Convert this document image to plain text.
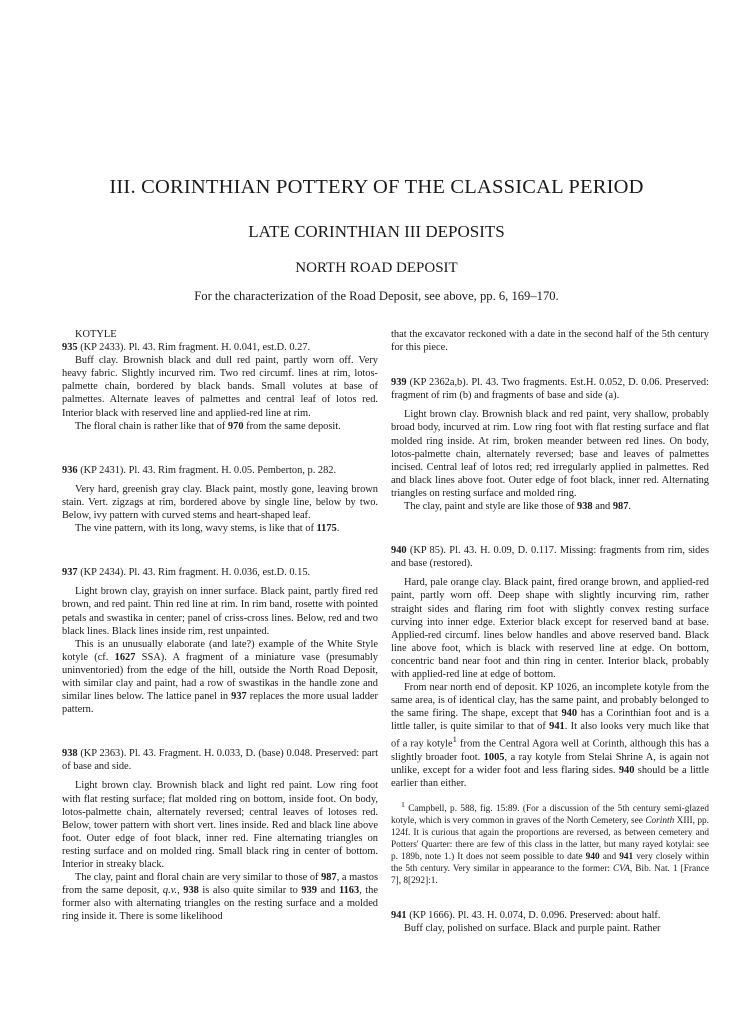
III. CORINTHIAN POTTERY OF THE CLASSICAL PERIOD
LATE CORINTHIAN III DEPOSITS
NORTH ROAD DEPOSIT
For the characterization of the Road Deposit, see above, pp. 6, 169–170.

KOTYLE

935 (KP 2433). Pl. 43. Rim fragment. H. 0.041, est.D. 0.27.

Buff clay. Brownish black and dull red paint, partly worn off. Very heavy fabric. Slightly incurved rim. Two red circumf. lines at rim, lotos-palmette chain, bordered by black bands. Small volutes at base of palmettes. Alternate leaves of palmettes and central leaf of lotos red. Interior black with reserved line and applied-red line at rim.

The floral chain is rather like that of 970 from the same deposit.

936 (KP 2431). Pl. 43. Rim fragment. H. 0.05. Pemberton, p. 282.

Very hard, greenish gray clay. Black paint, mostly gone, leaving brown stain. Vert. zigzags at rim, bordered above by single line, below by two. Below, ivy pattern with curved stems and heart-shaped leaf.

The vine pattern, with its long, wavy stems, is like that of 1175.

937 (KP 2434). Pl. 43. Rim fragment. H. 0.036, est.D. 0.15.

Light brown clay, grayish on inner surface. Black paint, partly fired red brown, and red paint. Thin red line at rim. In rim band, rosette with pointed petals and swastika in center; panel of criss-cross lines. Below, red and two black lines. Black lines inside rim, rest unpainted.

This is an unusually elaborate (and late?) example of the White Style kotyle (cf. 1627 SSA). A fragment of a miniature vase (presumably uninventoried) from the edge of the hill, outside the North Road Deposit, with similar clay and paint, had a row of swastikas in the handle zone and similar lines below. The lattice panel in 937 replaces the more usual ladder pattern.

938 (KP 2363). Pl. 43. Fragment. H. 0.033, D. (base) 0.048. Preserved: part of base and side.

Light brown clay. Brownish black and light red paint. Low ring foot with flat resting surface; flat molded ring on bottom, inside foot. On body, lotos-palmette chain, alternately reversed; central leaves of lotoses red. Below, tower pattern with short vert. lines inside. Red and black line above foot. Outer edge of foot black, inner red. Fine alternating triangles on resting surface and on molded ring. Small black ring in center of bottom. Interior in streaky black.

The clay, paint and floral chain are very similar to those of 987, a mastos from the same deposit, q.v., 938 is also quite similar to 939 and 1163, the former also with alternating triangles on the resting surface and a molded ring inside it. There is some likelihood

that the excavator reckoned with a date in the second half of the 5th century for this piece.

939 (KP 2362a,b). Pl. 43. Two fragments. Est.H. 0.052, D. 0.06. Preserved: fragment of rim (b) and fragments of base and side (a).

Light brown clay. Brownish black and red paint, very shallow, probably broad body, incurved at rim. Low ring foot with flat resting surface and flat molded ring inside. At rim, broken meander between red lines. On body, lotos-palmette chain, alternately reversed; base and leaves of palmettes incised. Central leaf of lotos red; red irregularly applied in palmettes. Red and black lines above foot. Outer edge of foot black, inner red. Alternating triangles on resting surface and molded ring.

The clay, paint and style are like those of 938 and 987.

940 (KP 85). Pl. 43. H. 0.09, D. 0.117. Missing: fragments from rim, sides and base (restored).

Hard, pale orange clay. Black paint, fired orange brown, and applied-red paint, partly worn off. Deep shape with slightly incurving rim, rather straight sides and flaring rim foot with slightly convex resting surface curving into inner edge. Exterior black except for reserved band at base. Applied-red circumf. lines below handles and above reserved band. Black line above foot, which is black with reserved line at edge. On bottom, concentric band near foot and thin ring in center. Interior black, probably with applied-red line at edge of bottom.

From near north end of deposit. KP 1026, an incomplete kotyle from the same area, is of identical clay, has the same paint, and probably belonged to the same firing. The shape, except that 940 has a Corinthian foot and is a little taller, is quite similar to that of 941. It also looks very much like that of a ray kotyle$^1$ from the Central Agora well at Corinth, although this has a slightly broader foot. 1005, a ray kotyle from Stelai Shrine A, is again not unlike, except for a wider foot and less flaring sides. 940 should be a little earlier than either.

$^1$ Campbell, p. 588, fig. 15:89. (For a discussion of the 5th century semi-glazed kotyle, which is very common in graves of the North Cemetery, see Corinth XIII, pp. 124f. It is curious that again the proportions are reversed, as between cemetery and Potters' Quarter: there are few of this class in the latter, but many rayed kotylai: see p. 189b, note 1.) It does not seem possible to date 940 and 941 very closely within the 5th century. Very similar in appearance to the former: CVA, Bib. Nat. 1 [France 7], 8[292]:1.

941 (KP 1666). Pl. 43. H. 0.074, D. 0.096. Preserved: about half.

Buff clay, polished on surface. Black and purple paint. Rather
